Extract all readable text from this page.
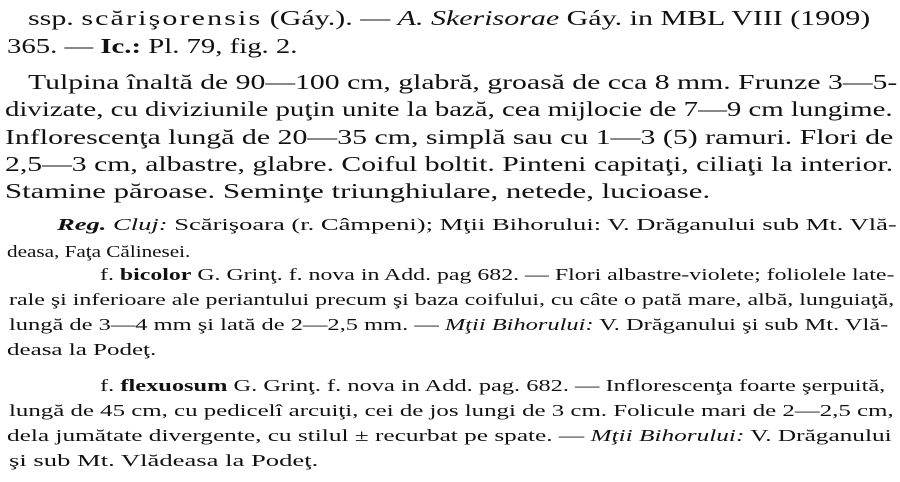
ssp. scărişorensis (Gáy.). — A. Skerisorae Gáy. in MBL VIII (1909)
365. — Ic.: Pl. 79, fig. 2.
Tulpina înaltă de 90—100 cm, glabră, groasă de cca 8 mm. Frunze 3—5-
divizate, cu diviziunile puţin unite la bază, cea mijlocie de 7—9 cm lungime.
Inflorescenţa lungă de 20—35 cm, simplă sau cu 1—3 (5) ramuri. Flori de
2,5—3 cm, albastre, glabre. Coiful boltit. Pinteni capitaţi, ciliaţi la interior.
Stamine păroase. Seminţe triunghiulare, netede, lucioase.
Reg. Cluj: Scărişoara (r. Câmpeni); Mţii Bihorului: V. Drăganului sub Mt. Vlă-
deasa, Faţa Călinesei.
f. bicolor G. Grinţ. f. nova in Add. pag 682. — Flori albastre-violete; foliolele late-
rale şi inferioare ale periantului precum şi baza coifului, cu câte o pată mare, albă, lunguiaţă,
lungă de 3—4 mm şi lată de 2—2,5 mm. — Mţii Bihorului: V. Drăganului şi sub Mt. Vlă-
deasa la Podeţ.
f. flexuosum G. Grinţ. f. nova in Add. pag. 682. — Inflorescenţa foarte şerpuită,
lungă de 45 cm, cu pedicelî arcuiţi, cei de jos lungi de 3 cm. Folicule mari de 2—2,5 cm,
dela jumătate divergente, cu stilul ± recurbat pe spate. — Mţii Bihorului: V. Drăganului
şi sub Mt. Vlădeasa la Podeţ.
